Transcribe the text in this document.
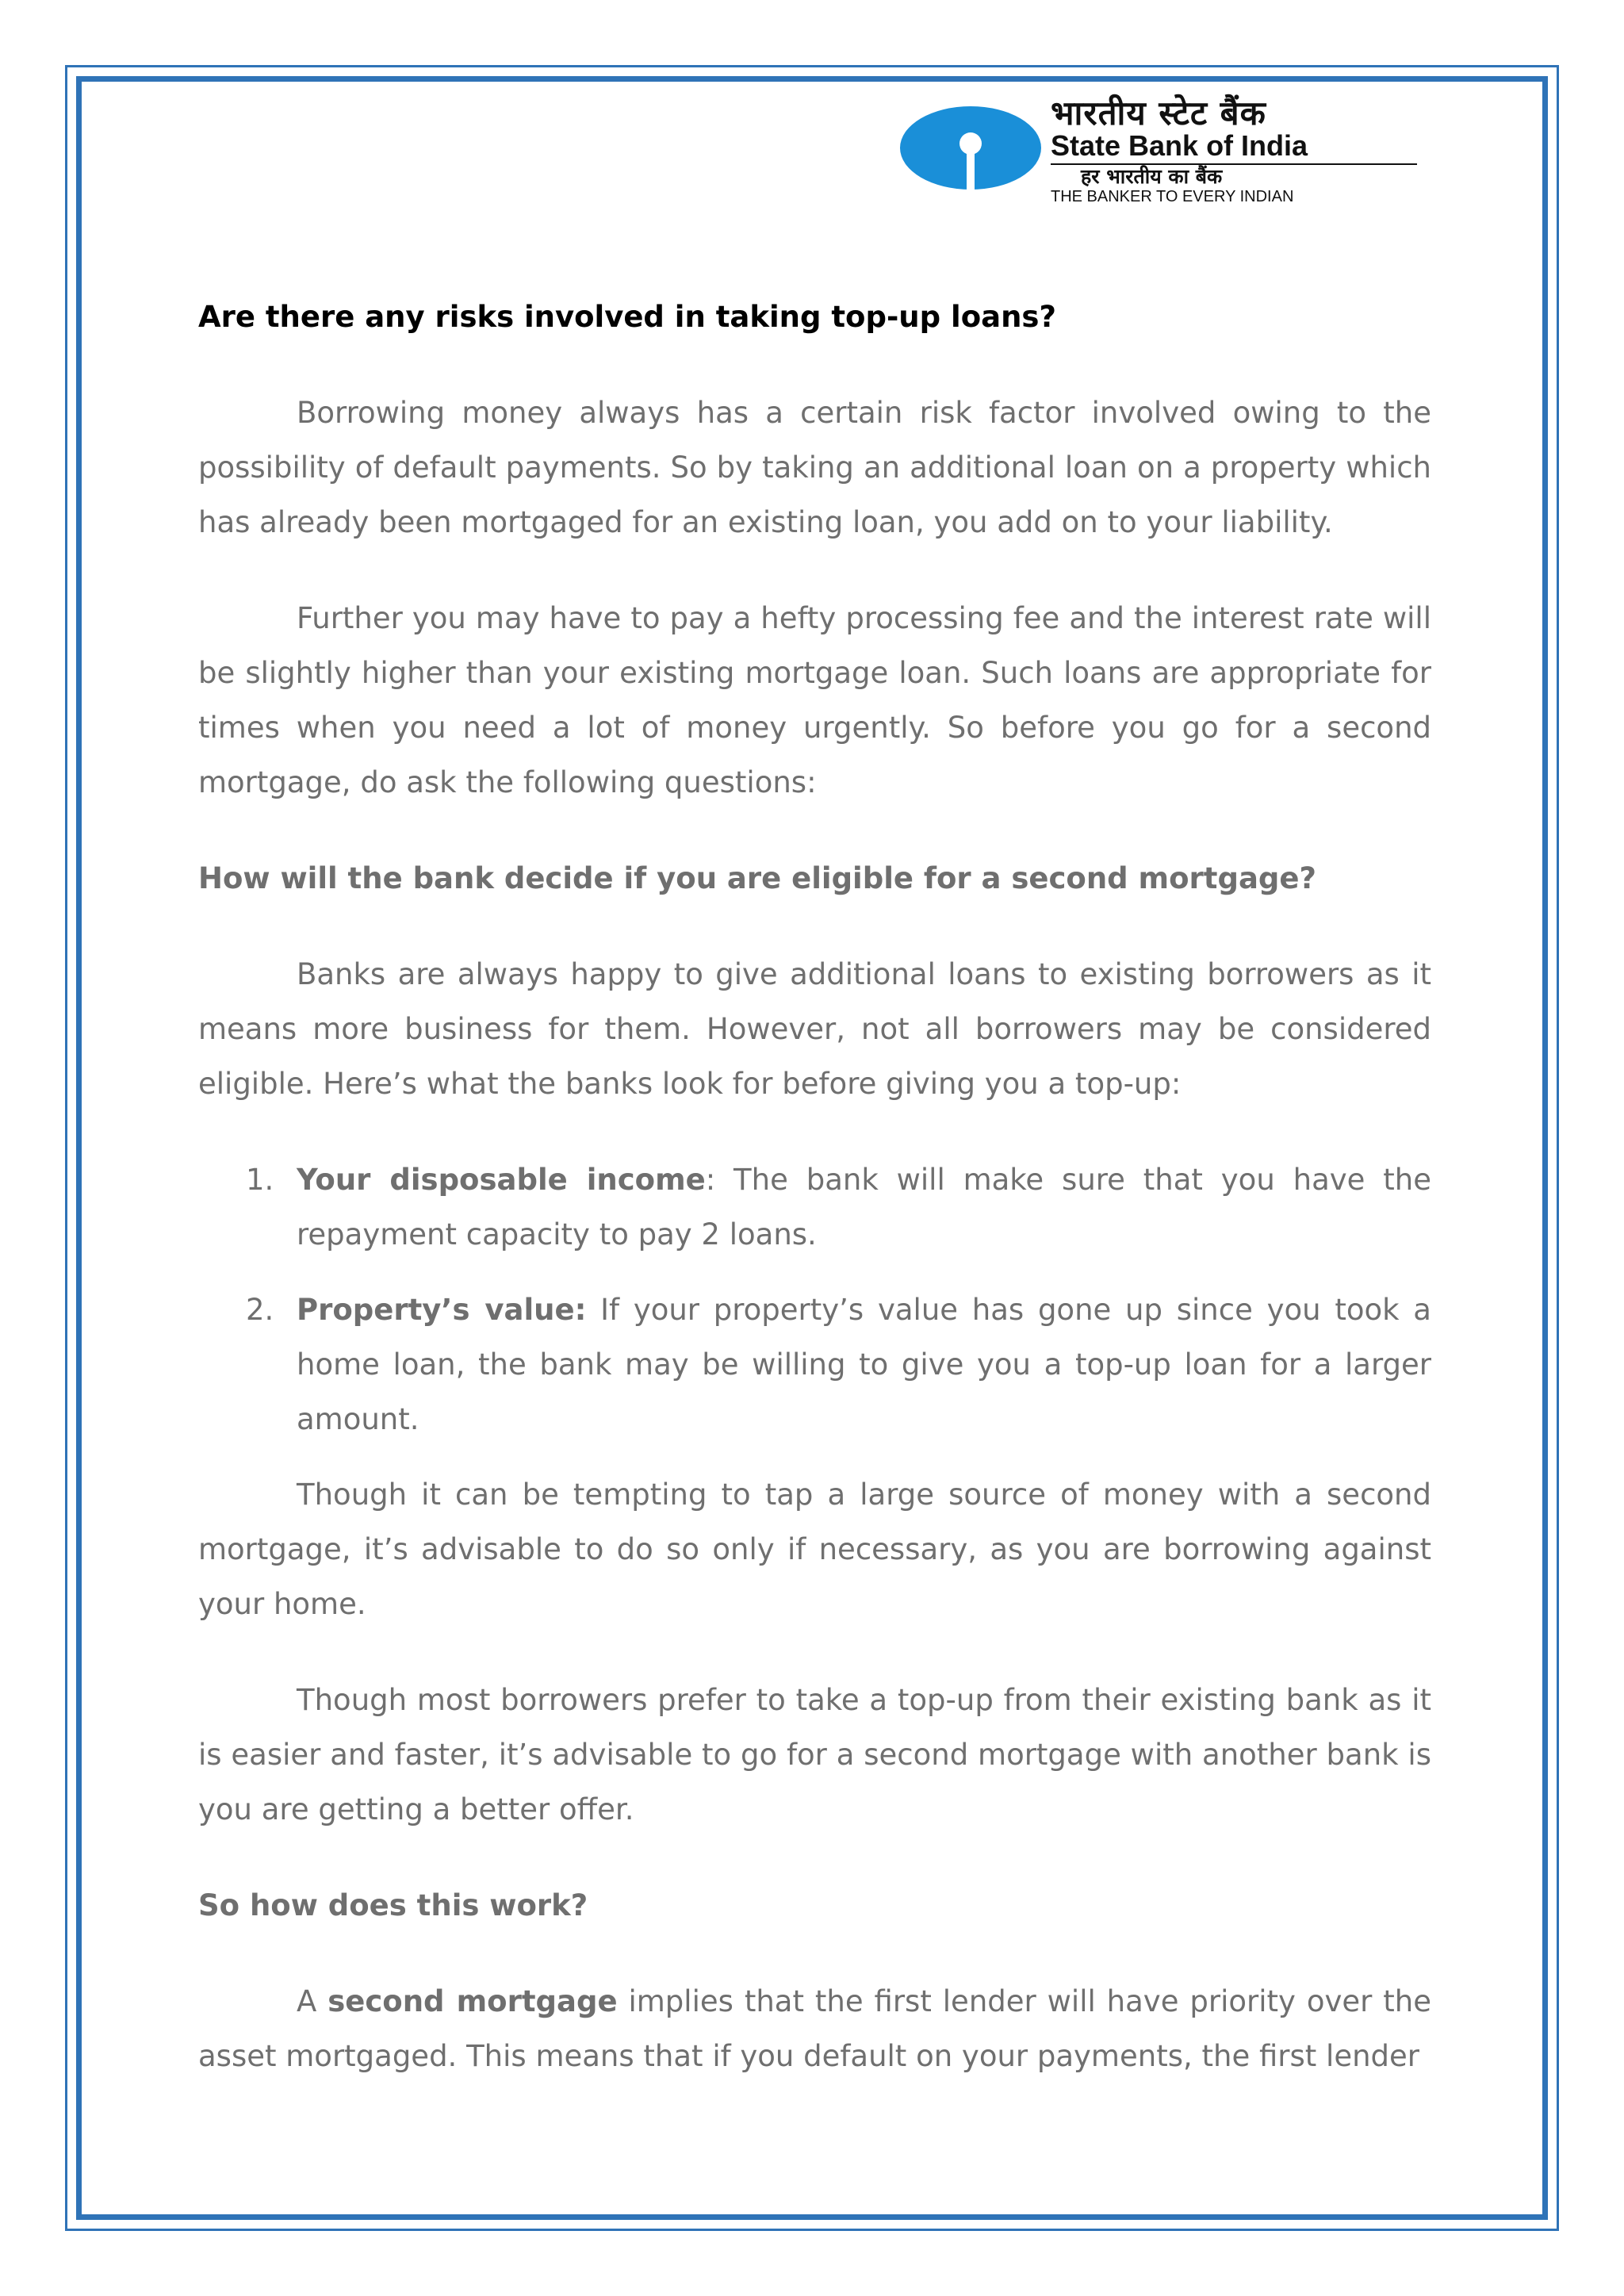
भारतीय स्टेट बैंक
State Bank of India
हर भारतीय का बैंक
THE BANKER TO EVERY INDIAN
Are there any risks involved in taking top-up loans?

Borrowing money always has a certain risk factor involved owing to the possibility of default payments. So by taking an additional loan on a property which has already been mortgaged for an existing loan, you add on to your liability.

Further you may have to pay a hefty processing fee and the interest rate will be slightly higher than your existing mortgage loan. Such loans are appropriate for times when you need a lot of money urgently. So before you go for a second mortgage, do ask the following questions:

How will the bank decide if you are eligible for a second mortgage?

Banks are always happy to give additional loans to existing borrowers as it means more business for them. However, not all borrowers may be considered eligible. Here’s what the banks look for before giving you a top-up:

1. Your disposable income: The bank will make sure that you have the repayment capacity to pay 2 loans.
2. Property’s value: If your property’s value has gone up since you took a home loan, the bank may be willing to give you a top-up loan for a larger amount.

Though it can be tempting to tap a large source of money with a second mortgage, it’s advisable to do so only if necessary, as you are borrowing against your home.

Though most borrowers prefer to take a top-up from their existing bank as it is easier and faster, it’s advisable to go for a second mortgage with another bank is you are getting a better offer.

So how does this work?

A second mortgage implies that the first lender will have priority over the asset mortgaged. This means that if you default on your payments, the first lender
